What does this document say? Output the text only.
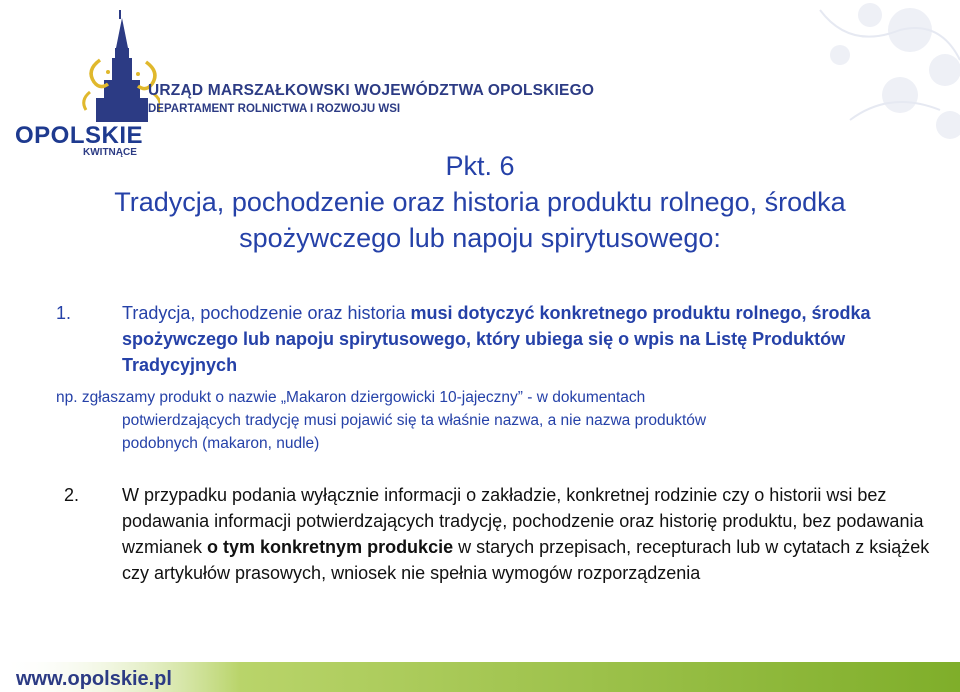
OPOLSKIE
KWITNĄCE
URZĄD MARSZAŁKOWSKI WOJEWÓDZTWA OPOLSKIEGO
DEPARTAMENT ROLNICTWA I ROZWOJU WSI
Pkt. 6
Tradycja, pochodzenie oraz historia produktu rolnego, środka
spożywczego lub napoju spirytusowego:
1.	Tradycja, pochodzenie oraz historia musi dotyczyć konkretnego produktu rolnego, środka spożywczego lub napoju spirytusowego, który ubiega się o wpis na Listę Produktów Tradycyjnych
np. zgłaszamy produkt o nazwie „Makaron dziergowicki 10-jajeczny” - w dokumentach
potwierdzających tradycję musi pojawić się ta właśnie nazwa, a nie nazwa produktów
podobnych (makaron, nudle)
2. W przypadku podania wyłącznie informacji o zakładzie, konkretnej rodzinie czy o historii wsi bez podawania informacji potwierdzających tradycję, pochodzenie oraz historię produktu, bez podawania wzmianek o tym konkretnym produkcie w starych przepisach, recepturach lub w cytatach z książek czy artykułów prasowych, wniosek nie spełnia wymogów rozporządzenia
www.opolskie.pl
